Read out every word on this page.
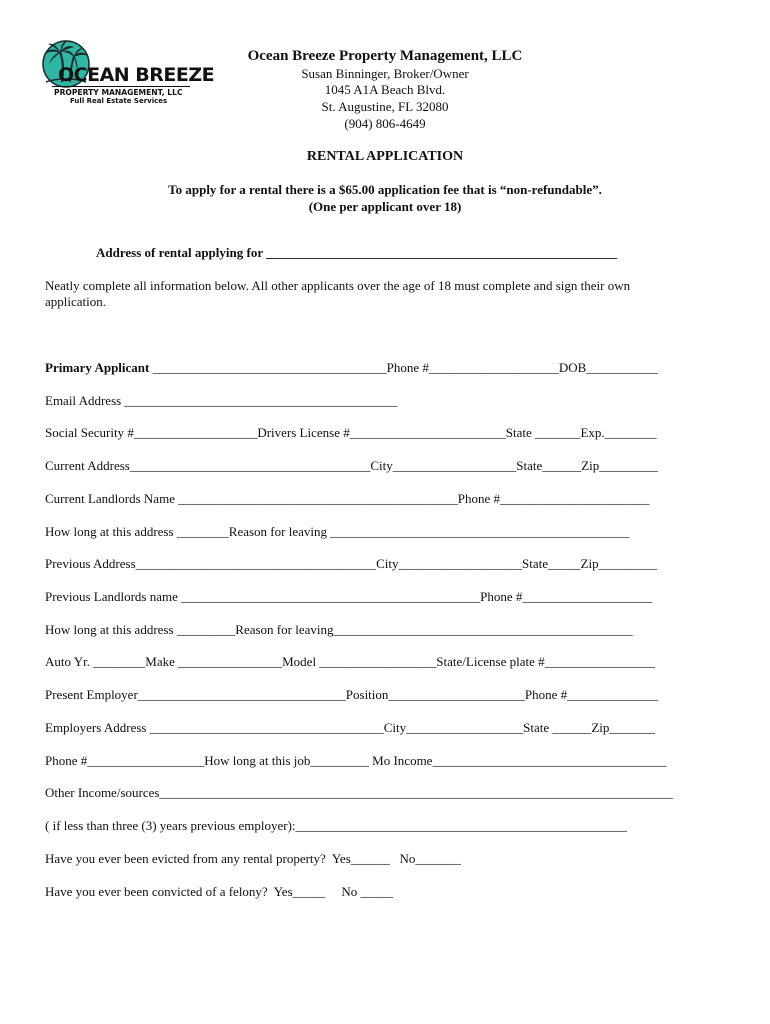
OCEAN BREEZE
PROPERTY MANAGEMENT, LLC
Full Real Estate Services
Ocean Breeze Property Management, LLC
Susan Binninger, Broker/Owner
1045 A1A Beach Blvd.
St. Augustine, FL 32080
(904) 806-4649
RENTAL APPLICATION
To apply for a rental there is a $65.00 application fee that is “non-refundable”.
(One per applicant over 18)
Address of rental applying for ______________________________________________________
Neatly complete all information below. All other applicants over the age of 18 must complete and sign their own
application.
Primary Applicant ____________________________________Phone #____________________DOB___________
Email Address __________________________________________
Social Security #___________________Drivers License #________________________State _______Exp.________
Current Address_____________________________________City___________________State______Zip_________
Current Landlords Name ___________________________________________Phone #_______________________
How long at this address ________Reason for leaving ______________________________________________
Previous Address_____________________________________City___________________State_____Zip_________
Previous Landlords name ______________________________________________Phone #____________________
How long at this address _________Reason for leaving______________________________________________
Auto Yr. ________Make ________________Model __________________State/License plate #_________________
Present Employer________________________________Position_____________________Phone #______________
Employers Address ____________________________________City__________________State ______Zip_______
Phone #__________________How long at this job_________ Mo Income____________________________________
Other Income/sources_______________________________________________________________________________
( if less than three (3) years previous employer):___________________________________________________
Have you ever been evicted from any rental property?  Yes______   No_______
Have you ever been convicted of a felony?  Yes_____     No _____
